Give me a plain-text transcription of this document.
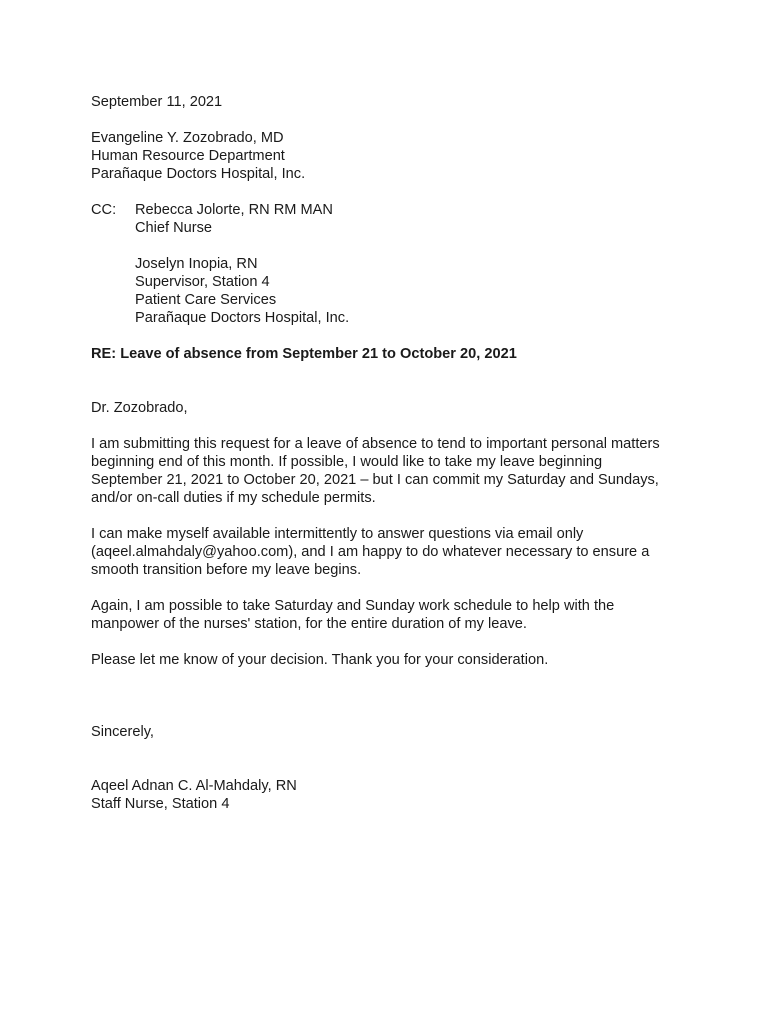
September 11, 2021
Evangeline Y. Zozobrado, MD
Human Resource Department
Parañaque Doctors Hospital, Inc.
CC:	Rebecca Jolorte, RN RM MAN
Chief Nurse
Joselyn Inopia, RN
Supervisor, Station 4
Patient Care Services
Parañaque Doctors Hospital, Inc.
RE: Leave of absence from September 21 to October 20, 2021
Dr. Zozobrado,
I am submitting this request for a leave of absence to tend to important personal matters
beginning end of this month. If possible, I would like to take my leave beginning
September 21, 2021 to October 20, 2021 – but I can commit my Saturday and Sundays,
and/or on-call duties if my schedule permits.
I can make myself available intermittently to answer questions via email only
(aqeel.almahdaly@yahoo.com), and I am happy to do whatever necessary to ensure a
smooth transition before my leave begins.
Again, I am possible to take Saturday and Sunday work schedule to help with the
manpower of the nurses' station, for the entire duration of my leave.
Please let me know of your decision. Thank you for your consideration.
Sincerely,
Aqeel Adnan C. Al-Mahdaly, RN
Staff Nurse, Station 4
